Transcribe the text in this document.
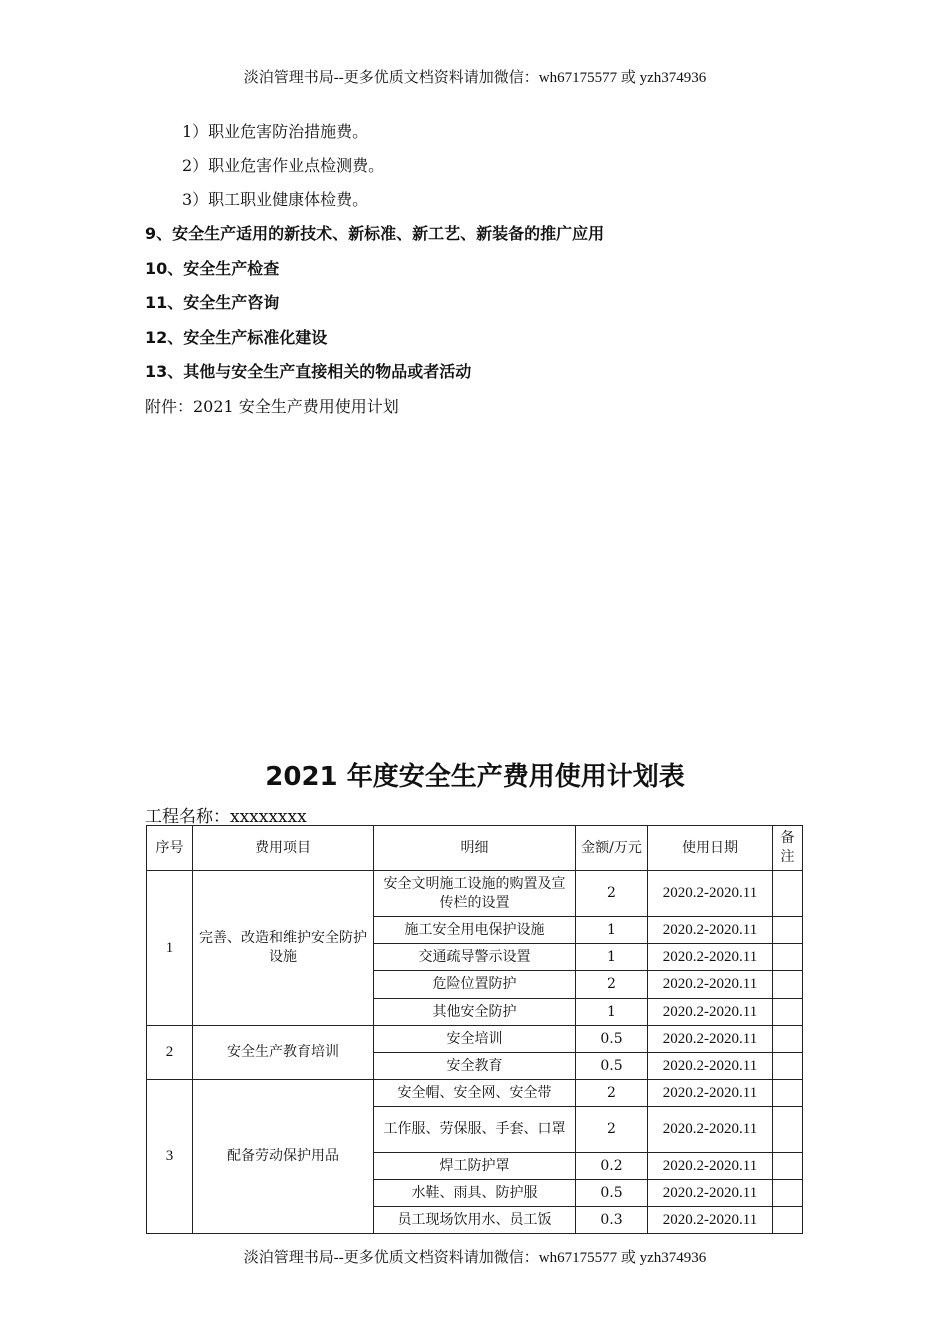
淡泊管理书局--更多优质文档资料请加微信：wh67175577 或 yzh374936
1）职业危害防治措施费。
2）职业危害作业点检测费。
3）职工职业健康体检费。
9、安全生产适用的新技术、新标准、新工艺、新装备的推广应用
10、安全生产检查
11、安全生产咨询
12、安全生产标准化建设
13、其他与安全生产直接相关的物品或者活动
附件：2021 安全生产费用使用计划
2021 年度安全生产费用使用计划表
工程名称：xxxxxxxx
序号	费用项目	明细	金额/万元	使用日期	备注
1	完善、改造和维护安全防护设施	安全文明施工设施的购置及宣传栏的设置	2	2020.2-2020.11	
		施工安全用电保护设施	1	2020.2-2020.11	
		交通疏导警示设置	1	2020.2-2020.11	
		危险位置防护	2	2020.2-2020.11	
		其他安全防护	1	2020.2-2020.11	
2	安全生产教育培训	安全培训	0.5	2020.2-2020.11	
		安全教育	0.5	2020.2-2020.11	
3	配备劳动保护用品	安全帽、安全网、安全带	2	2020.2-2020.11	
		工作服、劳保服、手套、口罩	2	2020.2-2020.11	
		焊工防护罩	0.2	2020.2-2020.11	
		水鞋、雨具、防护服	0.5	2020.2-2020.11	
		员工现场饮用水、员工饭	0.3	2020.2-2020.11	
淡泊管理书局--更多优质文档资料请加微信：wh67175577 或 yzh374936
